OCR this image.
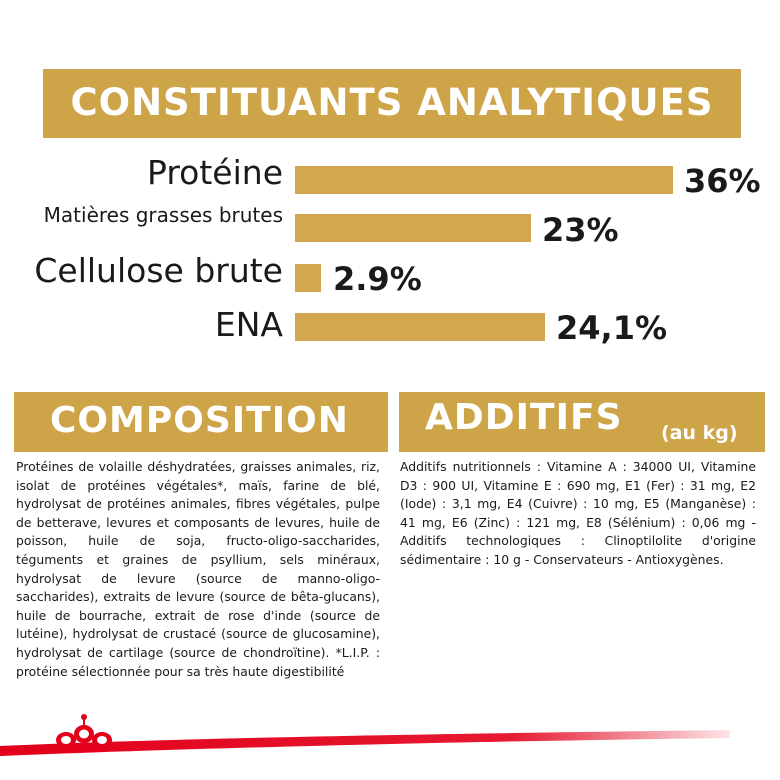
CONSTITUANTS ANALYTIQUES
Protéine	36%
Matières grasses brutes	23%
Cellulose brute 2.9%
ENA	24,1%
COMPOSITION

Protéines de volaille déshydratées, graisses animales, riz, isolat de protéines végétales*, maïs, farine de blé, hydrolysat de protéines animales, fibres végétales, pulpe de betterave, levures et composants de levures, huile de poisson, huile de soja, fructo-oligo-saccharides, téguments et graines de psyllium, sels minéraux, hydrolysat de levure (source de manno-oligo-saccharides), extraits de levure (source de bêta-glucans), huile de bourrache, extrait de rose d'inde (source de lutéine), hydrolysat de crustacé (source de glucosamine), hydrolysat de cartilage (source de chondroïtine). *L.I.P. : protéine sélectionnée pour sa très haute digestibilité

ADDITIFS (au kg)

Additifs nutritionnels : Vitamine A : 34000 UI, Vitamine D3 : 900 UI, Vitamine E : 690 mg, E1 (Fer) : 31 mg, E2 (Iode) : 3,1 mg, E4 (Cuivre) : 10 mg, E5 (Manganèse) : 41 mg, E6 (Zinc) : 121 mg, E8 (Sélénium) : 0,06 mg - Additifs technologiques : Clinoptilolite d'origine sédimentaire : 10 g - Conservateurs - Antioxygènes.
